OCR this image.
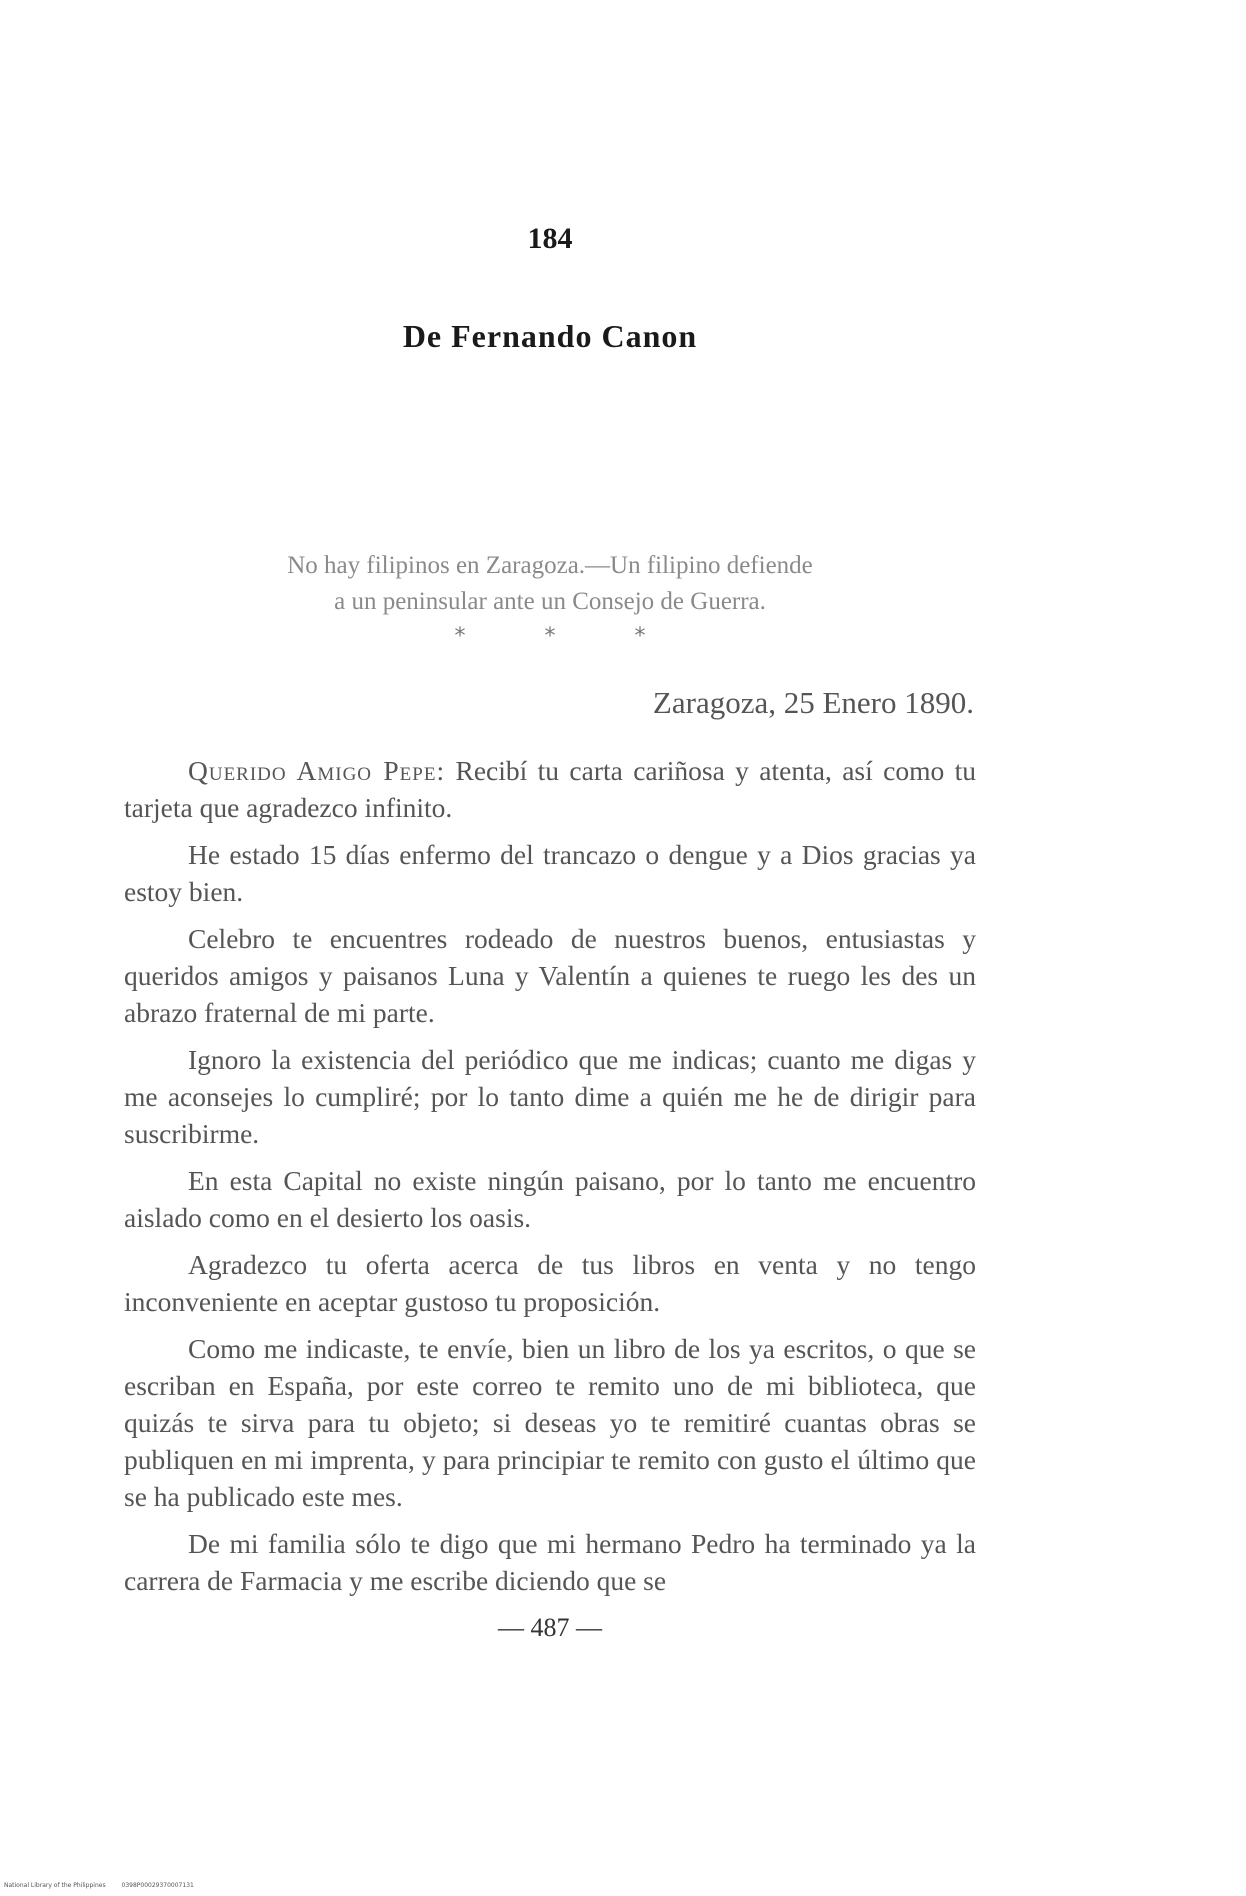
184
De Fernando Canon
No hay filipinos en Zaragoza.—Un filipino defiende
a un peninsular ante un Consejo de Guerra.
* * *
Zaragoza, 25 Enero 1890.

Querido Amigo Pepe: Recibí tu carta cariñosa y atenta, así como tu tarjeta que agradezco infinito.

He estado 15 días enfermo del trancazo o dengue y a Dios gracias ya estoy bien.

Celebro te encuentres rodeado de nuestros buenos, entusiastas y queridos amigos y paisanos Luna y Valentín a quienes te ruego les des un abrazo fraternal de mi parte.

Ignoro la existencia del periódico que me indicas; cuanto me digas y me aconsejes lo cumpliré; por lo tanto dime a quién me he de dirigir para suscribirme.

En esta Capital no existe ningún paisano, por lo tanto me encuentro aislado como en el desierto los oasis.

Agradezco tu oferta acerca de tus libros en venta y no tengo inconveniente en aceptar gustoso tu proposición.

Como me indicaste, te envíe, bien un libro de los ya escritos, o que se escriban en España, por este correo te remito uno de mi biblioteca, que quizás te sirva para tu objeto; si deseas yo te remitiré cuantas obras se publiquen en mi imprenta, y para principiar te remito con gusto el último que se ha publicado este mes.

De mi familia sólo te digo que mi hermano Pedro ha terminado ya la carrera de Farmacia y me escribe diciendo que se

— 487 —
National Library of the Philippines	0398P00029370007131
